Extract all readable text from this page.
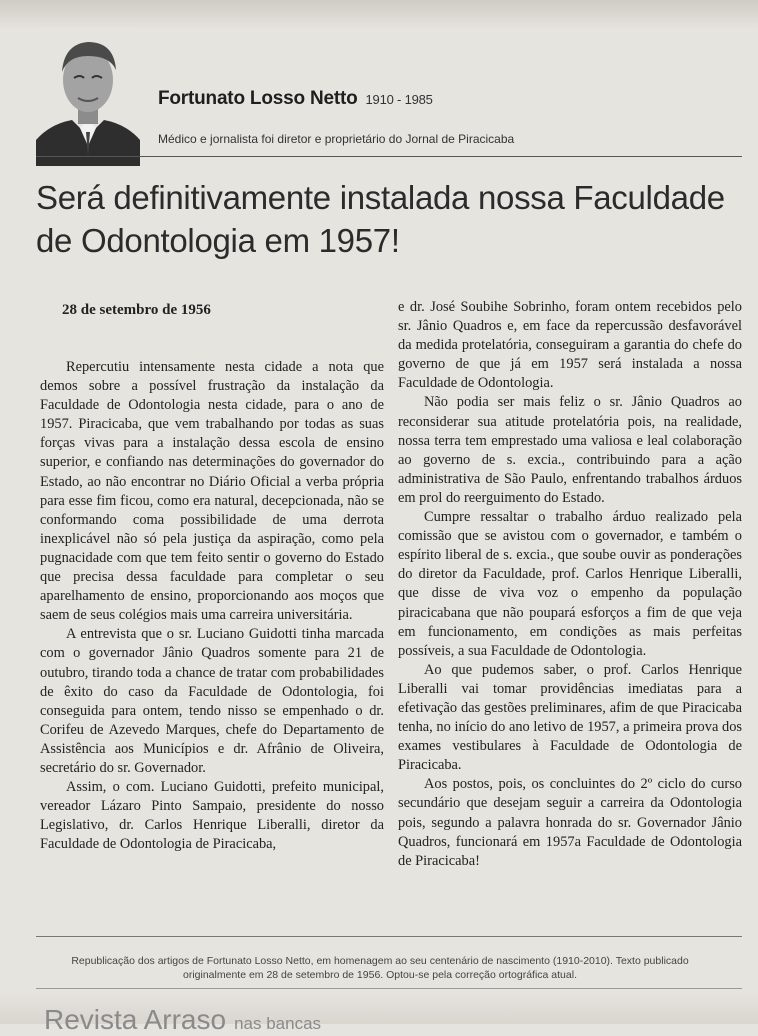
Fortunato Losso Netto 1910 - 1985
Médico e jornalista foi diretor e proprietário do Jornal de Piracicaba
Será definitivamente instalada nossa Faculdade de Odontologia em 1957!
28 de setembro de 1956

Repercutiu intensamente nesta cidade a nota que demos sobre a possível frustração da instalação da Faculdade de Odontologia nesta cidade, para o ano de 1957. Piracicaba, que vem trabalhando por todas as suas forças vivas para a instalação dessa escola de ensino superior, e confiando nas determinações do governador do Estado, ao não encontrar no Diário Oficial a verba própria para esse fim ficou, como era natural, decepcionada, não se conformando coma possibilidade de uma derrota inexplicável não só pela justiça da aspiração, como pela pugnacidade com que tem feito sentir o governo do Estado que precisa dessa faculdade para completar o seu aparelhamento de ensino, proporcionando aos moços que saem de seus colégios mais uma carreira universitária.

A entrevista que o sr. Luciano Guidotti tinha marcada com o governador Jânio Quadros somente para 21 de outubro, tirando toda a chance de tratar com probabilidades de êxito do caso da Faculdade de Odontologia, foi conseguida para ontem, tendo nisso se empenhado o dr. Corifeu de Azevedo Marques, chefe do Departamento de Assistência aos Municípios e dr. Afrânio de Oliveira, secretário do sr. Governador.

Assim, o com. Luciano Guidotti, prefeito municipal, vereador Lázaro Pinto Sampaio, presidente do nosso Legislativo, dr. Carlos Henrique Liberalli, diretor da Faculdade de Odontologia de Piracicaba,

e dr. José Soubihe Sobrinho, foram ontem recebidos pelo sr. Jânio Quadros e, em face da repercussão desfavorável da medida protelatória, conseguiram a garantia do chefe do governo de que já em 1957 será instalada a nossa Faculdade de Odontologia.

Não podia ser mais feliz o sr. Jânio Quadros ao reconsiderar sua atitude protelatória pois, na realidade, nossa terra tem emprestado uma valiosa e leal colaboração ao governo de s. excia., contribuindo para a ação administrativa de São Paulo, enfrentando trabalhos árduos em prol do reerguimento do Estado.

Cumpre ressaltar o trabalho árduo realizado pela comissão que se avistou com o governador, e também o espírito liberal de s. excia., que soube ouvir as ponderações do diretor da Faculdade, prof. Carlos Henrique Liberalli, que disse de viva voz o empenho da população piracicabana que não poupará esforços a fim de que veja em funcionamento, em condições as mais perfeitas possíveis, a sua Faculdade de Odontologia.

Ao que pudemos saber, o prof. Carlos Henrique Liberalli vai tomar providências imediatas para a efetivação das gestões preliminares, afim de que Piracicaba tenha, no início do ano letivo de 1957, a primeira prova dos exames vestibulares à Faculdade de Odontologia de Piracicaba.

Aos postos, pois, os concluintes do 2º ciclo do curso secundário que desejam seguir a carreira da Odontologia pois, segundo a palavra honrada do sr. Governador Jânio Quadros, funcionará em 1957a Faculdade de Odontologia de Piracicaba!

Republicação dos artigos de Fortunato Losso Netto, em homenagem ao seu centenário de nascimento (1910-2010). Texto publicado originalmente em 28 de setembro de 1956. Optou-se pela correção ortográfica atual.
Revista Arraso nas bancas
